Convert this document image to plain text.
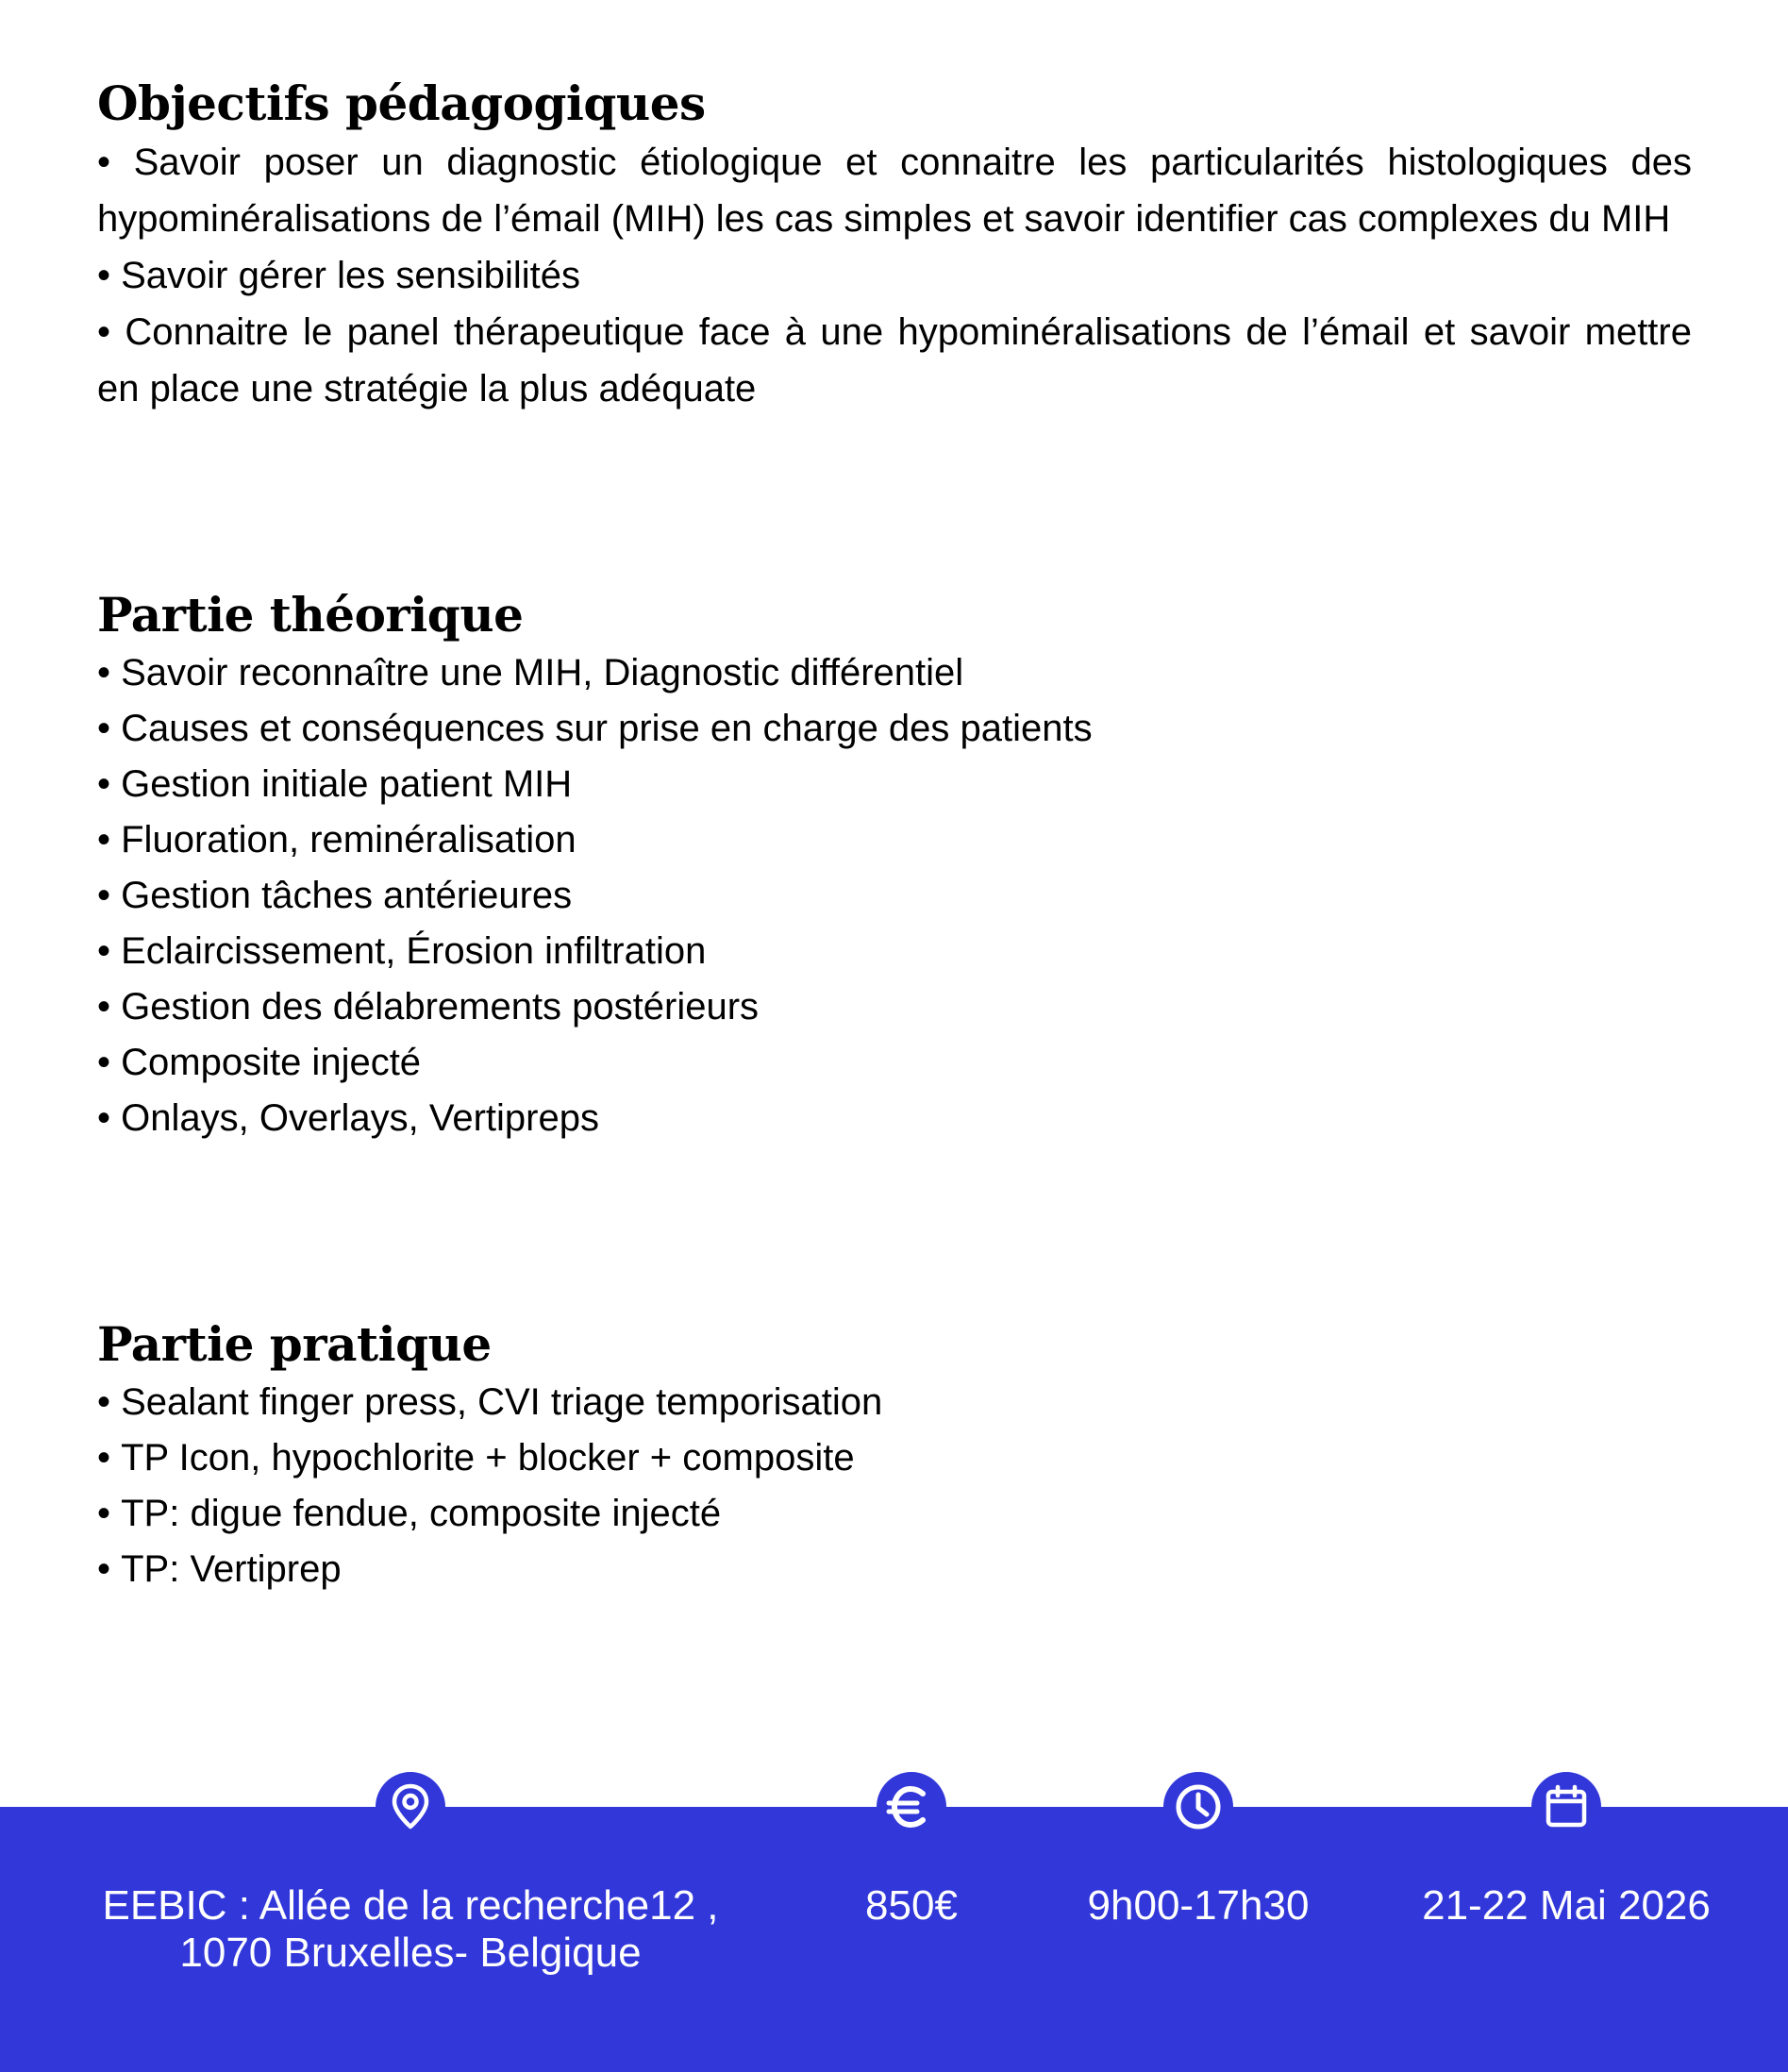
Objectifs pédagogiques

• Savoir poser un diagnostic étiologique et connaitre les particularités histologiques des hypominéralisations de l’émail (MIH) les cas simples et savoir identifier cas complexes du MIH

• Savoir gérer les sensibilités

• Connaitre le panel thérapeutique face à une hypominéralisations de l’émail et savoir mettre en place une stratégie la plus adéquate

Partie théorique
• Savoir reconnaître une MIH, Diagnostic différentiel
• Causes et conséquences sur prise en charge des patients
• Gestion initiale patient MIH
• Fluoration, reminéralisation
• Gestion tâches antérieures
• Eclaircissement, Érosion infiltration
• Gestion des délabrements postérieurs
• Composite injecté
• Onlays, Overlays, Vertipreps
Partie pratique
• Sealant finger press, CVI triage temporisation
• TP Icon, hypochlorite + blocker + composite
• TP: digue fendue, composite injecté
• TP: Vertiprep
EEBIC : Allée de la recherche12 ,
1070 Bruxelles- Belgique
850€	9h00-17h30	21-22 Mai 2026
